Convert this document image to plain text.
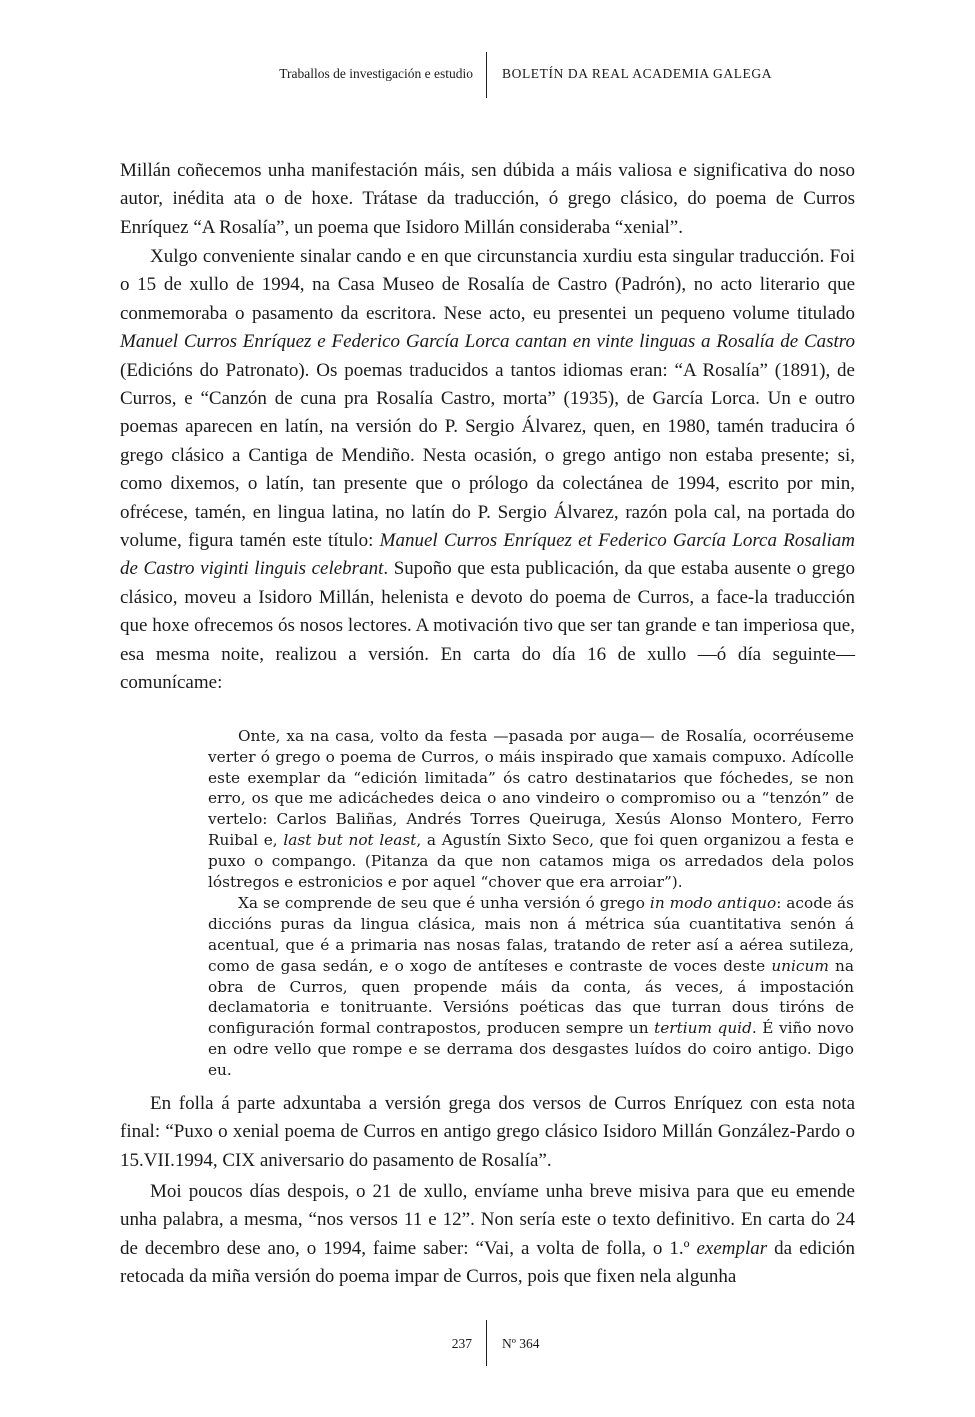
Traballos de investigación e estudio BOLETÍN DA REAL ACADEMIA GALEGA

Millán coñecemos unha manifestación máis, sen dúbida a máis valiosa e significativa do noso autor, inédita ata o de hoxe. Trátase da traducción, ó grego clásico, do poema de Curros Enríquez “A Rosalía”, un poema que Isidoro Millán consideraba “xenial”.

Xulgo conveniente sinalar cando e en que circunstancia xurdiu esta singular traducción. Foi o 15 de xullo de 1994, na Casa Museo de Rosalía de Castro (Padrón), no acto literario que conmemoraba o pasamento da escritora. Nese acto, eu presentei un pequeno volume titulado Manuel Curros Enríquez e Federico García Lorca cantan en vinte linguas a Rosalía de Castro (Edicións do Patronato). Os poemas traducidos a tantos idiomas eran: “A Rosalía” (1891), de Curros, e “Canzón de cuna pra Rosalía Castro, morta” (1935), de García Lorca. Un e outro poemas aparecen en latín, na versión do P. Sergio Álvarez, quen, en 1980, tamén traducira ó grego clásico a Cantiga de Mendiño. Nesta ocasión, o grego antigo non estaba presente; si, como dixemos, o latín, tan presente que o prólogo da colectánea de 1994, escrito por min, ofrécese, tamén, en lingua latina, no latín do P. Sergio Álvarez, razón pola cal, na portada do volume, figura tamén este título: Manuel Curros Enríquez et Federico García Lorca Rosaliam de Castro viginti linguis celebrant. Supoño que esta publicación, da que estaba ausente o grego clásico, moveu a Isidoro Millán, helenista e devoto do poema de Curros, a face-la traducción que hoxe ofrecemos ós nosos lectores. A motivación tivo que ser tan grande e tan imperiosa que, esa mesma noite, realizou a versión. En carta do día 16 de xullo —ó día seguinte— comunícame:

Onte, xa na casa, volto da festa —pasada por auga— de Rosalía, ocorréuseme verter ó grego o poema de Curros, o máis inspirado que xamais compuxo. Adícolle este exemplar da “edición limitada” ós catro destinatarios que fóchedes, se non erro, os que me adicáchedes deica o ano vindeiro o compromiso ou a “tenzón” de vertelo: Carlos Baliñas, Andrés Torres Queiruga, Xesús Alonso Montero, Ferro Ruibal e, last but not least, a Agustín Sixto Seco, que foi quen organizou a festa e puxo o compango. (Pitanza da que non catamos miga os arredados dela polos lóstregos e estronicios e por aquel “chover que era arroiar”).

Xa se comprende de seu que é unha versión ó grego in modo antiquo: acode ás diccións puras da lingua clásica, mais non á métrica súa cuantitativa senón á acentual, que é a primaria nas nosas falas, tratando de reter así a aérea sutileza, como de gasa sedán, e o xogo de antíteses e contraste de voces deste unicum na obra de Curros, quen propende máis da conta, ás veces, á impostación declamatoria e tonitruante. Versións poéticas das que turran dous tiróns de configuración formal contrapostos, producen sempre un tertium quid. É viño novo en odre vello que rompe e se derrama dos desgastes luídos do coiro antigo. Digo eu.

En folla á parte adxuntaba a versión grega dos versos de Curros Enríquez con esta nota final: “Puxo o xenial poema de Curros en antigo grego clásico Isidoro Millán González-Pardo o 15.VII.1994, CIX aniversario do pasamento de Rosalía”.

Moi poucos días despois, o 21 de xullo, envíame unha breve misiva para que eu emende unha palabra, a mesma, “nos versos 11 e 12”. Non sería este o texto definitivo. En carta do 24 de decembro dese ano, o 1994, faime saber: “Vai, a volta de folla, o 1.º exemplar da edición retocada da miña versión do poema impar de Curros, pois que fixen nela algunha

237 Nº 364
